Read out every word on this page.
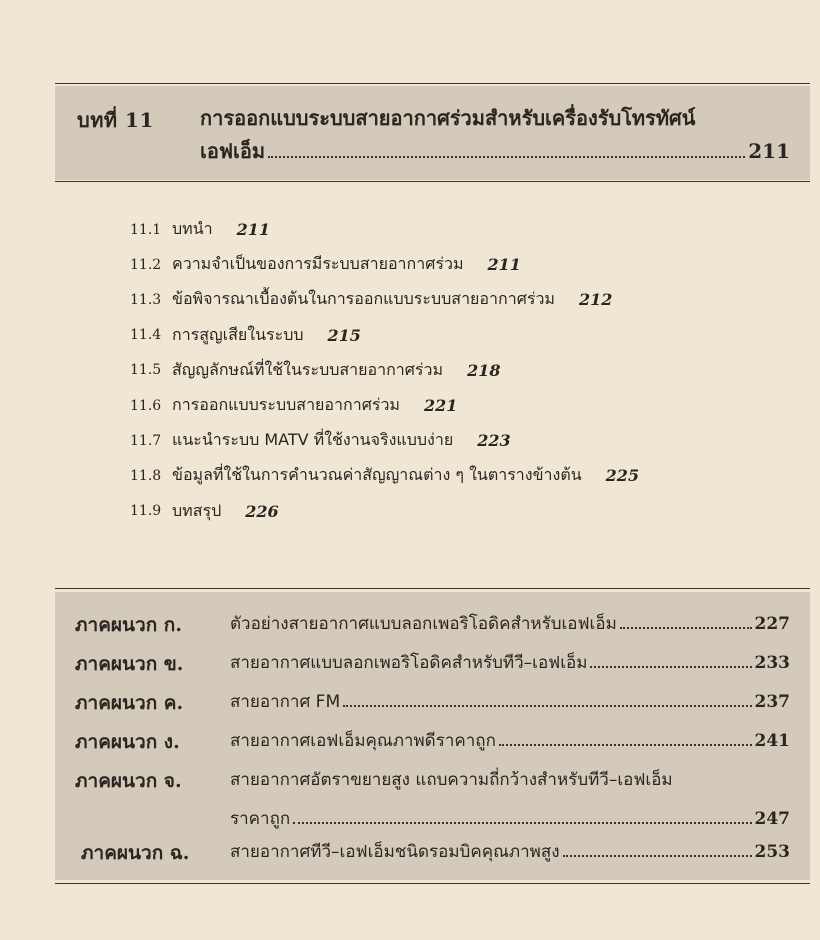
บทที่ 11 การออกแบบระบบสายอากาศร่วมสำหรับเครื่องรับโทรทัศน์
เอฟเอ็ม	211
11.1 บทนำ 211
11.2 ความจำเป็นของการมีระบบสายอากาศร่วม 211
11.3 ข้อพิจารณาเบื้องต้นในการออกแบบระบบสายอากาศร่วม 212
11.4 การสูญเสียในระบบ 215
11.5 สัญญลักษณ์ที่ใช้ในระบบสายอากาศร่วม 218
11.6 การออกแบบระบบสายอากาศร่วม 221
11.7 แนะนำระบบ MATV ที่ใช้งานจริงแบบง่าย 223
11.8 ข้อมูลที่ใช้ในการคำนวณค่าสัญญาณต่าง ๆ ในตารางข้างต้น 225
11.9 บทสรุป 226
ภาคผนวก ก.	ตัวอย่างสายอากาศแบบลอกเพอริโอดิคสำหรับเอฟเอ็ม	227
ภาคผนวก ข.	สายอากาศแบบลอกเพอริโอดิคสำหรับทีวี–เอฟเอ็ม	233
ภาคผนวก ค.	สายอากาศ FM	237
ภาคผนวก ง.	สายอากาศเอฟเอ็มคุณภาพดีราคาถูก	241
ภาคผนวก จ.	สายอากาศอัตราขยายสูง แถบความถี่กว้างสำหรับทีวี–เอฟเอ็ม
ราคาถูก	247
ภาคผนวก ฉ. สายอากาศทีวี–เอฟเอ็มชนิดรอมบิคคุณภาพสูง	253
